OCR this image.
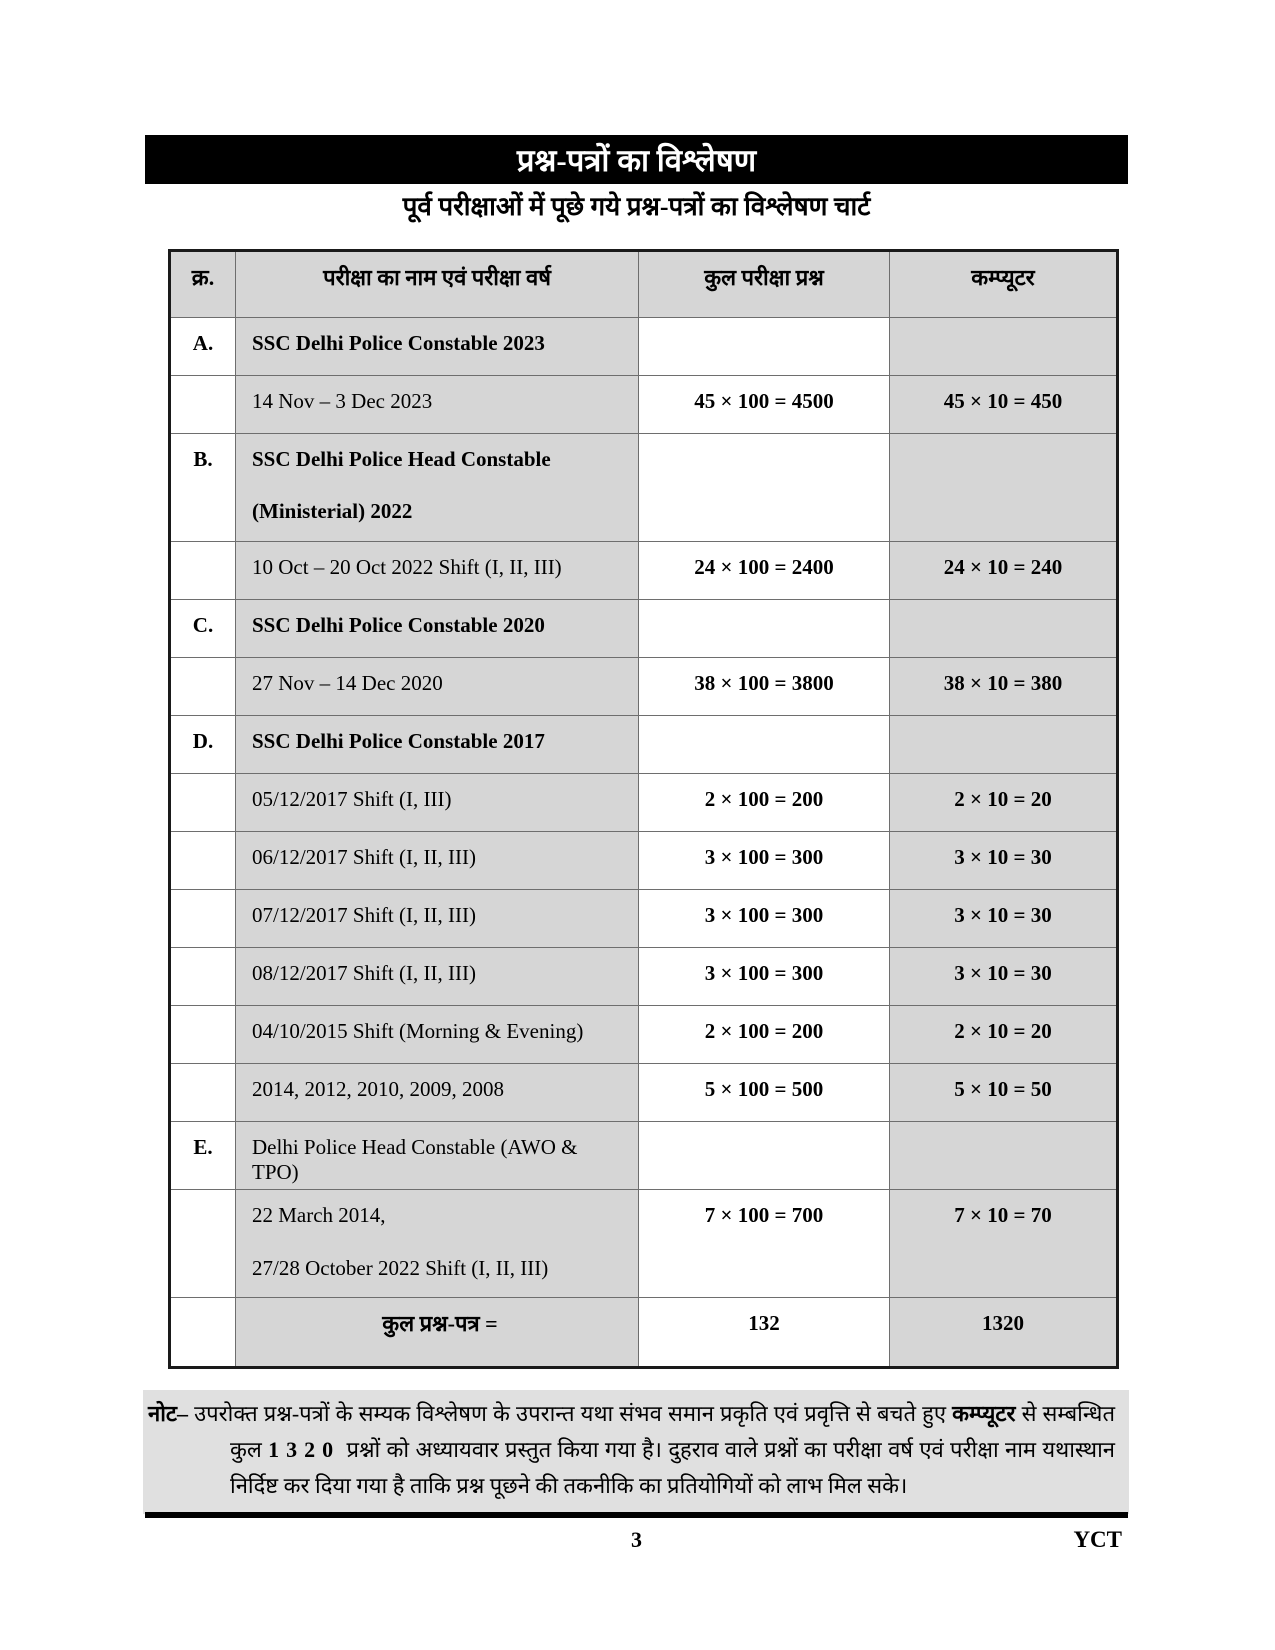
प्रश्न-पत्रों का विश्लेषण
पूर्व परीक्षाओं में पूछे गये प्रश्न-पत्रों का विश्लेषण चार्ट
क्र.	परीक्षा का नाम एवं परीक्षा वर्ष	कुल परीक्षा प्रश्न	कम्प्यूटर
A.	SSC Delhi Police Constable 2023		

	14 Nov – 3 Dec 2023	45 × 100 = 4500	45 × 10 = 450
B.	SSC Delhi Police Head Constable
(Ministerial) 2022		

	10 Oct – 20 Oct 2022 Shift (I, II, III)	24 × 100 = 2400	24 × 10 = 240
C.	SSC Delhi Police Constable 2020		

	27 Nov – 14 Dec 2020	38 × 100 = 3800	38 × 10 = 380
D.	SSC Delhi Police Constable 2017		

	05/12/2017 Shift (I, III)	2 × 100 = 200	2 × 10 = 20

	06/12/2017 Shift (I, II, III)	3 × 100 = 300	3 × 10 = 30

	07/12/2017 Shift (I, II, III)	3 × 100 = 300	3 × 10 = 30

	08/12/2017 Shift (I, II, III)	3 × 100 = 300	3 × 10 = 30

	04/10/2015 Shift (Morning & Evening)	2 × 100 = 200	2 × 10 = 20

	2014, 2012, 2010, 2009, 2008	5 × 100 = 500	5 × 10 = 50
E.	Delhi Police Head Constable (AWO & TPO)		

	22 March 2014,
27/28 October 2022 Shift (I, II, III)	7 × 100 = 700	7 × 10 = 70

	कुल प्रश्न-पत्र =	132	1320

नोट– उपरोक्त प्रश्न-पत्रों के सम्यक विश्लेषण के उपरान्त यथा संभव समान प्रकृति एवं प्रवृत्ति से बचते हुए कम्प्यूटर से सम्बन्धित कुल 1320 प्रश्नों को अध्यायवार प्रस्तुत किया गया है। दुहराव वाले प्रश्नों का परीक्षा वर्ष एवं परीक्षा नाम यथास्थान निर्दिष्ट कर दिया गया है ताकि प्रश्न पूछने की तकनीकि का प्रतियोगियों को लाभ मिल सके।

3	YCT
